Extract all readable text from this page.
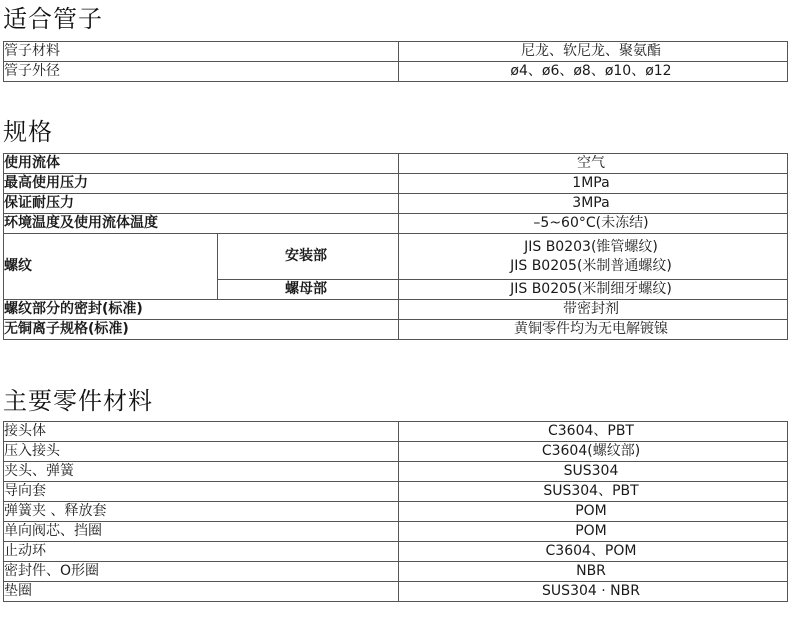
适合管子
管子材料	尼龙、软尼龙、聚氨酯
管子外径	ø4、ø6、ø8、ø10、ø12
规格
使用流体		空气
最高使用压力		1MPa
保证耐压力		3MPa
环境温度及使用流体温度		–5~60°C(未冻结)
螺纹	安装部	JIS B0203(锥管螺纹)
JIS B0205(米制普通螺纹)

	螺母部	JIS B0205(米制细牙螺纹)
螺纹部分的密封(标准)		带密封剂
无铜离子规格(标准)		黄铜零件均为无电解镀镍
主要零件材料
接头体	C3604、PBT
压入接头	C3604(螺纹部)
夹头、弹簧	SUS304
导向套	SUS304、PBT
弹簧夹 、释放套	POM
单向阀芯、挡圈	POM
止动环	C3604、POM
密封件、O形圈	NBR
垫圈	SUS304 · NBR
